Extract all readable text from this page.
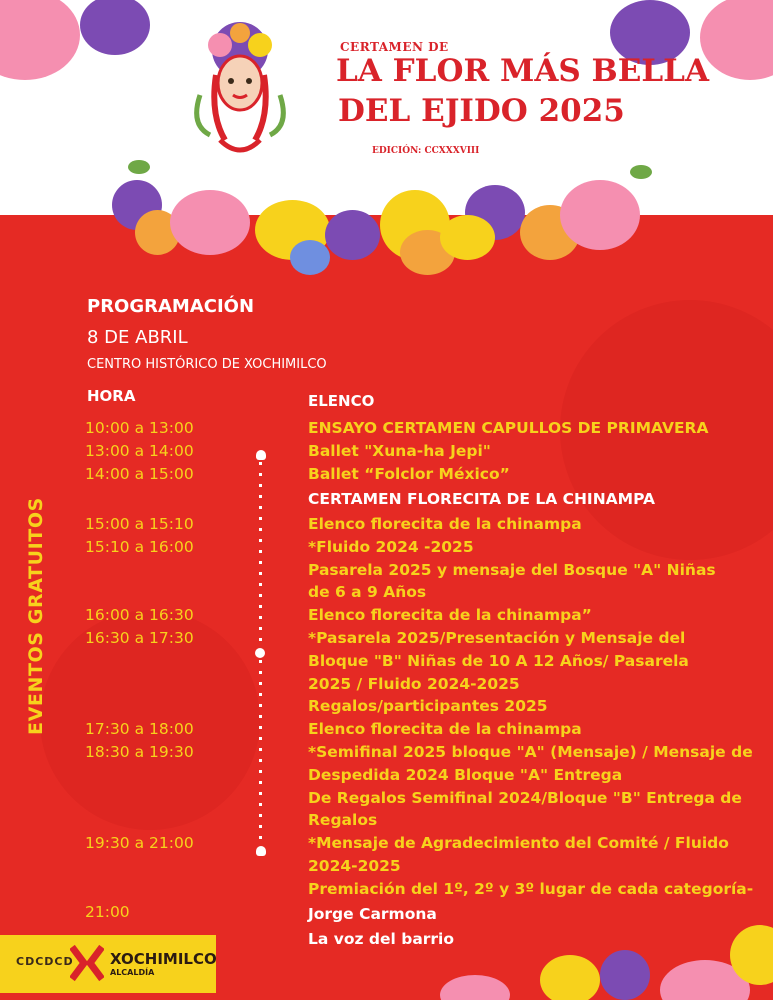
CERTAMEN DE
LA FLOR MÁS BELLA
DEL EJIDO 2025
EDICIÓN: CCXXXVIII
PROGRAMACIÓN
8 DE ABRIL
CENTRO HISTÓRICO DE XOCHIMILCO
EVENTOS GRATUITOS
HORA	ELENCO
10:00 a 13:00
13:00 a 14:00
14:00 a 15:00
15:00 a 15:10
15:10 a 16:00
16:00 a 16:30
16:30 a 17:30
17:30 a 18:00
18:30 a 19:30
19:30 a 21:00
21:00
ENSAYO CERTAMEN CAPULLOS DE PRIMAVERA
Ballet "Xuna-ha Jepi"
Ballet “Folclor México”
CERTAMEN FLORECITA DE LA CHINAMPA
Elenco florecita de la chinampa
*Fluido 2024 -2025
Pasarela 2025 y mensaje del Bosque "A" Niñas
de 6 a 9 Años
Elenco florecita de la chinampa”
*Pasarela 2025/Presentación y Mensaje del
Bloque "B" Niñas de 10 A 12 Años/ Pasarela
2025 / Fluido 2024-2025
Regalos/participantes 2025
Elenco florecita de la chinampa
*Semifinal 2025 bloque "A" (Mensaje) / Mensaje de
Despedida 2024 Bloque "A" Entrega
De Regalos Semifinal 2024/Bloque "B" Entrega de
Regalos
*Mensaje de Agradecimiento del Comité / Fluido
2024-2025
Premiación del 1º, 2º y 3º lugar de cada categoría-
Jorge Carmona
La voz del barrio
CDCDCD XOCHIMILCO
ALCALDÍA
